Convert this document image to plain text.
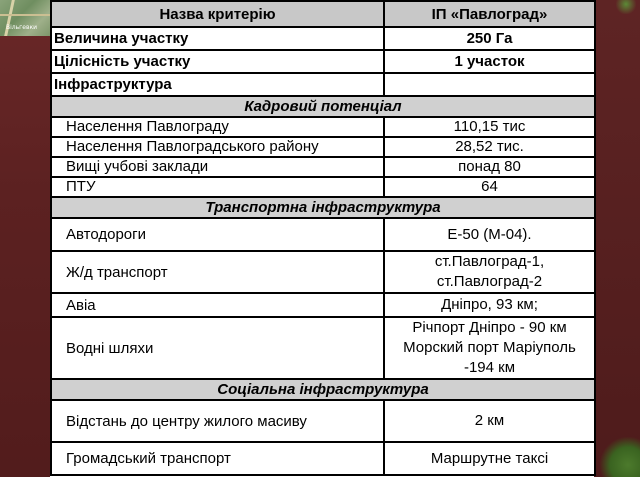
Вільгевки
Назва критерію	ІП «Павлоград»
Величина участку	250 Га
Цілісність участку	1 участок
Інфраструктура	
Кадровий потенціал	
Населення Павлограду	110,15 тис
Населення Павлоградського району	28,52 тис.
Вищі учбові заклади	понад 80
ПТУ	64
Транспортна інфраструктура	
Автодороги	Е-50 (М-04).
Ж/д транспорт	ст.Павлоград-1, ст.Павлоград-2
Авіа	Дніпро, 93 км;
Водні шляхи	Річпорт Дніпро - 90 км Морский порт Маріуполь -194 км
Соціальна інфраструктура	
Відстань до центру жилого масиву	2 км
Громадський транспорт	Маршрутне таксі
